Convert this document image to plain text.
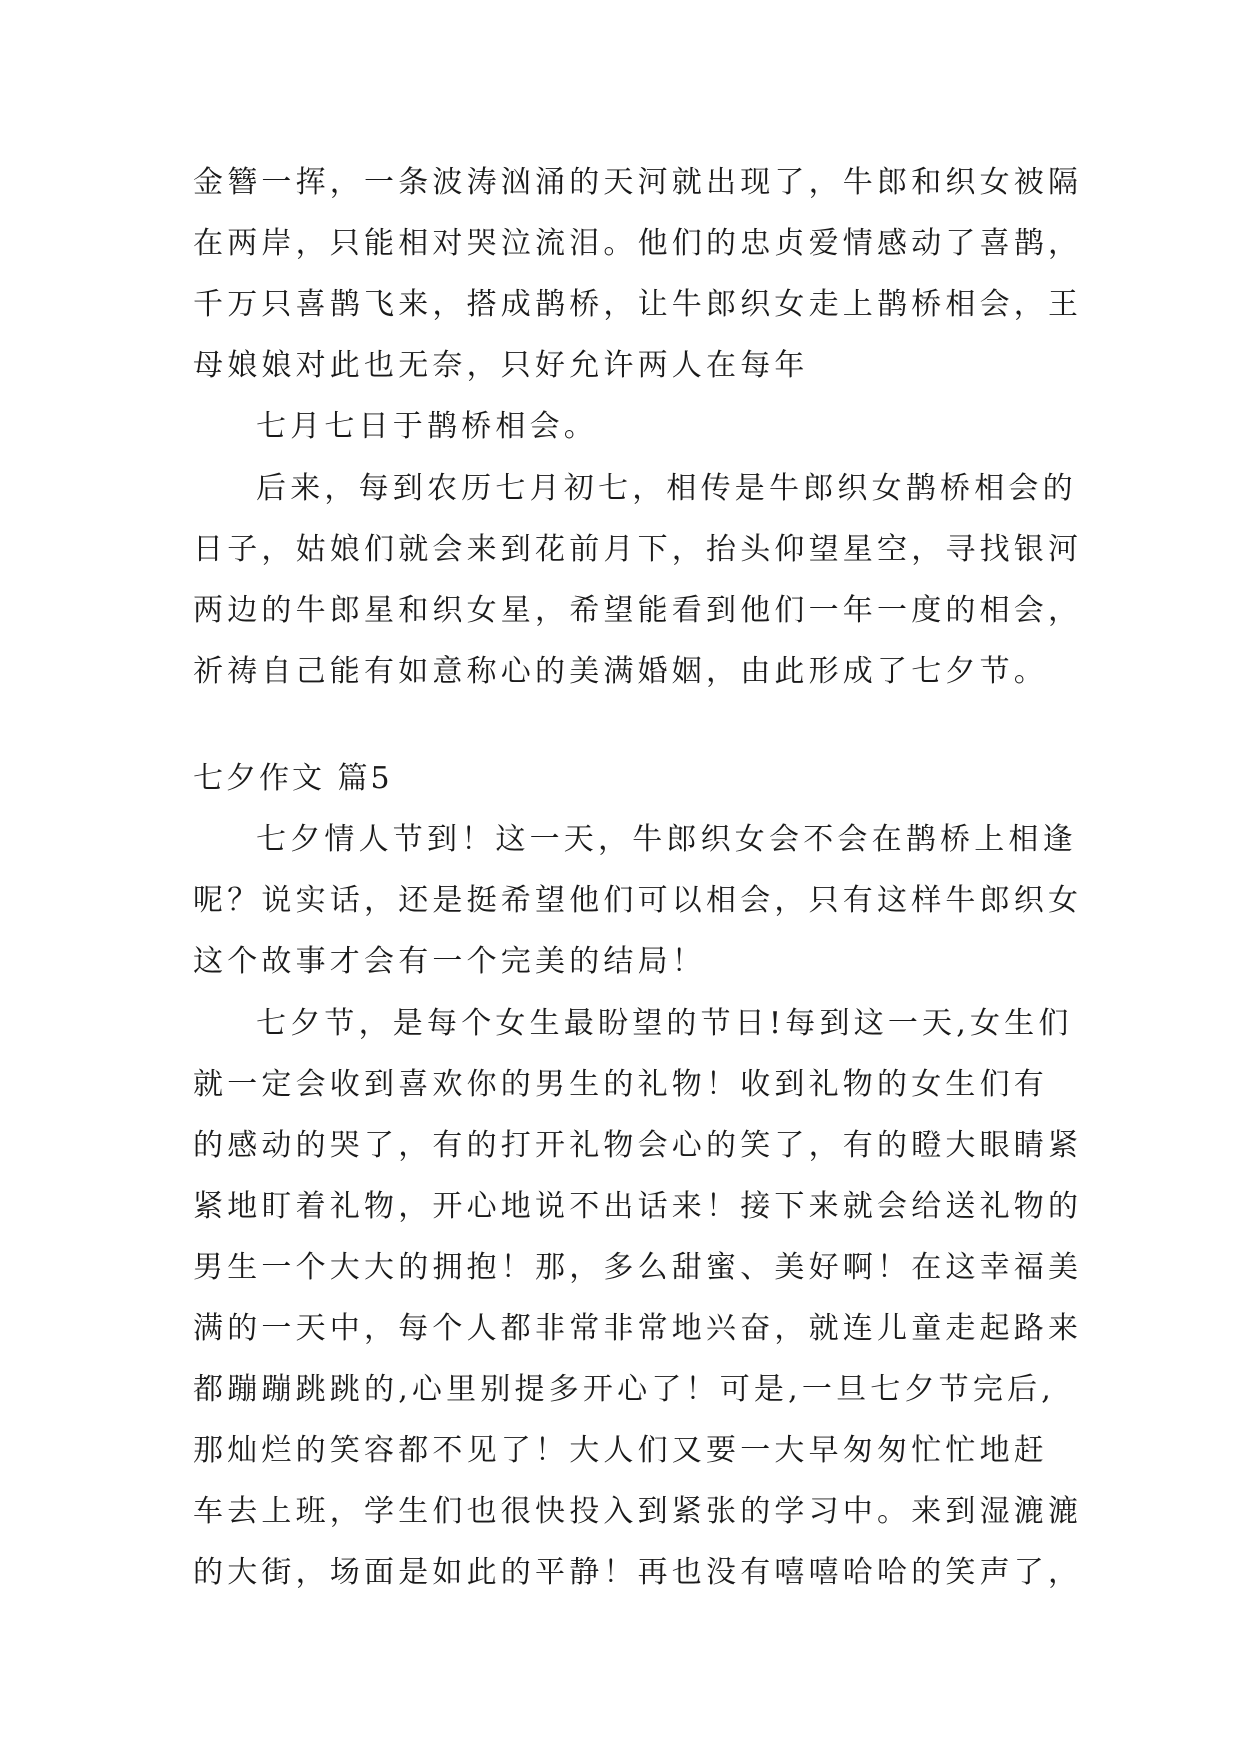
金簪一挥，一条波涛汹涌的天河就出现了，牛郎和织女被隔
在两岸，只能相对哭泣流泪。他们的忠贞爱情感动了喜鹊，
千万只喜鹊飞来，搭成鹊桥，让牛郎织女走上鹊桥相会，王
母娘娘对此也无奈，只好允许两人在每年
七月七日于鹊桥相会。
后来，每到农历七月初七，相传是牛郎织女鹊桥相会的
日子，姑娘们就会来到花前月下，抬头仰望星空，寻找银河
两边的牛郎星和织女星，希望能看到他们一年一度的相会，
祈祷自己能有如意称心的美满婚姻，由此形成了七夕节。
七夕作文 篇5
七夕情人节到！这一天，牛郎织女会不会在鹊桥上相逢
呢？说实话，还是挺希望他们可以相会，只有这样牛郎织女
这个故事才会有一个完美的结局！
七夕节，是每个女生最盼望的节日!每到这一天,女生们
就一定会收到喜欢你的男生的礼物！收到礼物的女生们有
的感动的哭了，有的打开礼物会心的笑了，有的瞪大眼睛紧
紧地盯着礼物，开心地说不出话来！接下来就会给送礼物的
男生一个大大的拥抱！那，多么甜蜜、美好啊！在这幸福美
满的一天中，每个人都非常非常地兴奋，就连儿童走起路来
都蹦蹦跳跳的,心里别提多开心了！可是,一旦七夕节完后,
那灿烂的笑容都不见了！大人们又要一大早匆匆忙忙地赶
车去上班，学生们也很快投入到紧张的学习中。来到湿漉漉
的大街，场面是如此的平静！再也没有嘻嘻哈哈的笑声了，
